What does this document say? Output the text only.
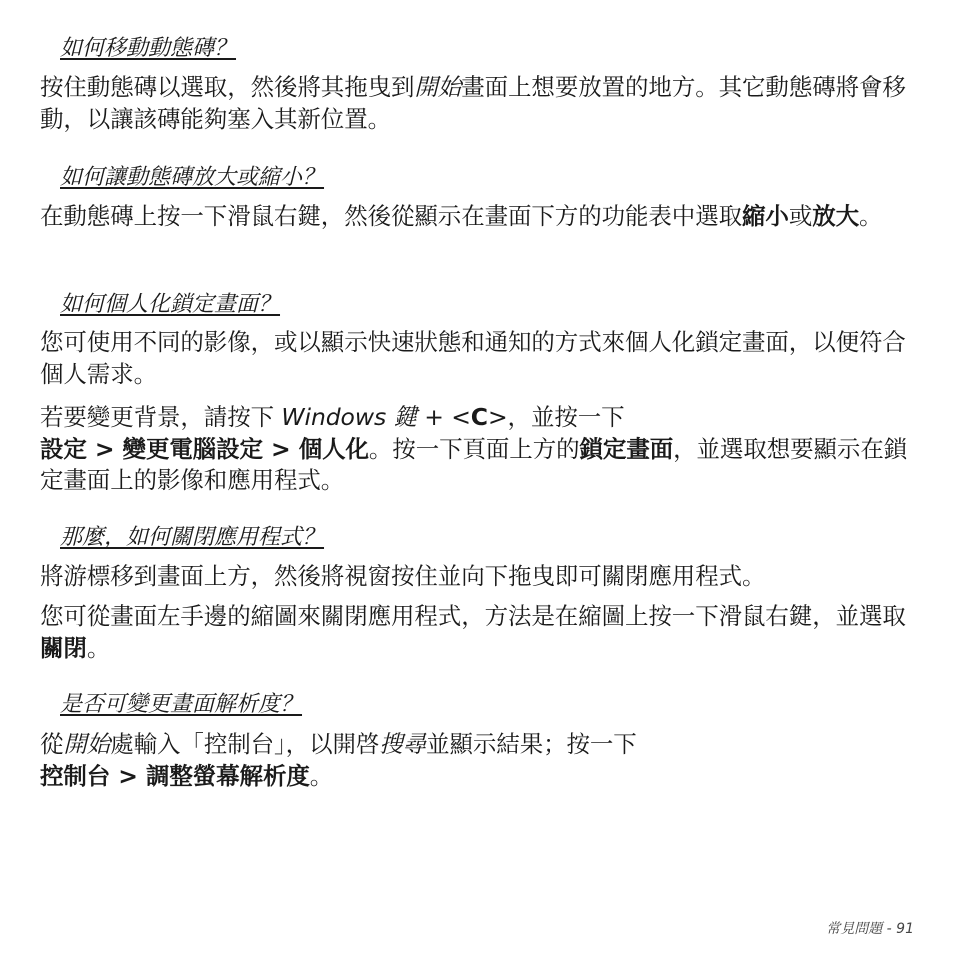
如何移動動態磚？
按住動態磚以選取，然後將其拖曳到開始畫面上想要放置的地方。其它動態磚將會移動，以讓該磚能夠塞入其新位置。
如何讓動態磚放大或縮小？
在動態磚上按一下滑鼠右鍵，然後從顯示在畫面下方的功能表中選取縮小或放大。
如何個人化鎖定畫面？
您可使用不同的影像，或以顯示快速狀態和通知的方式來個人化鎖定畫面，以便符合個人需求。
若要變更背景，請按下 Windows 鍵 + <C>，並按一下設定 > 變更電腦設定 > 個人化。按一下頁面上方的鎖定畫面，並選取想要顯示在鎖定畫面上的影像和應用程式。
那麼，如何關閉應用程式？
將游標移到畫面上方，然後將視窗按住並向下拖曳即可關閉應用程式。
您可從畫面左手邊的縮圖來關閉應用程式，方法是在縮圖上按一下滑鼠右鍵，並選取關閉。
是否可變更畫面解析度？
從開始處輸入「控制台」，以開啓搜尋並顯示結果；按一下控制台 > 調整螢幕解析度。
常見問題 - 91
